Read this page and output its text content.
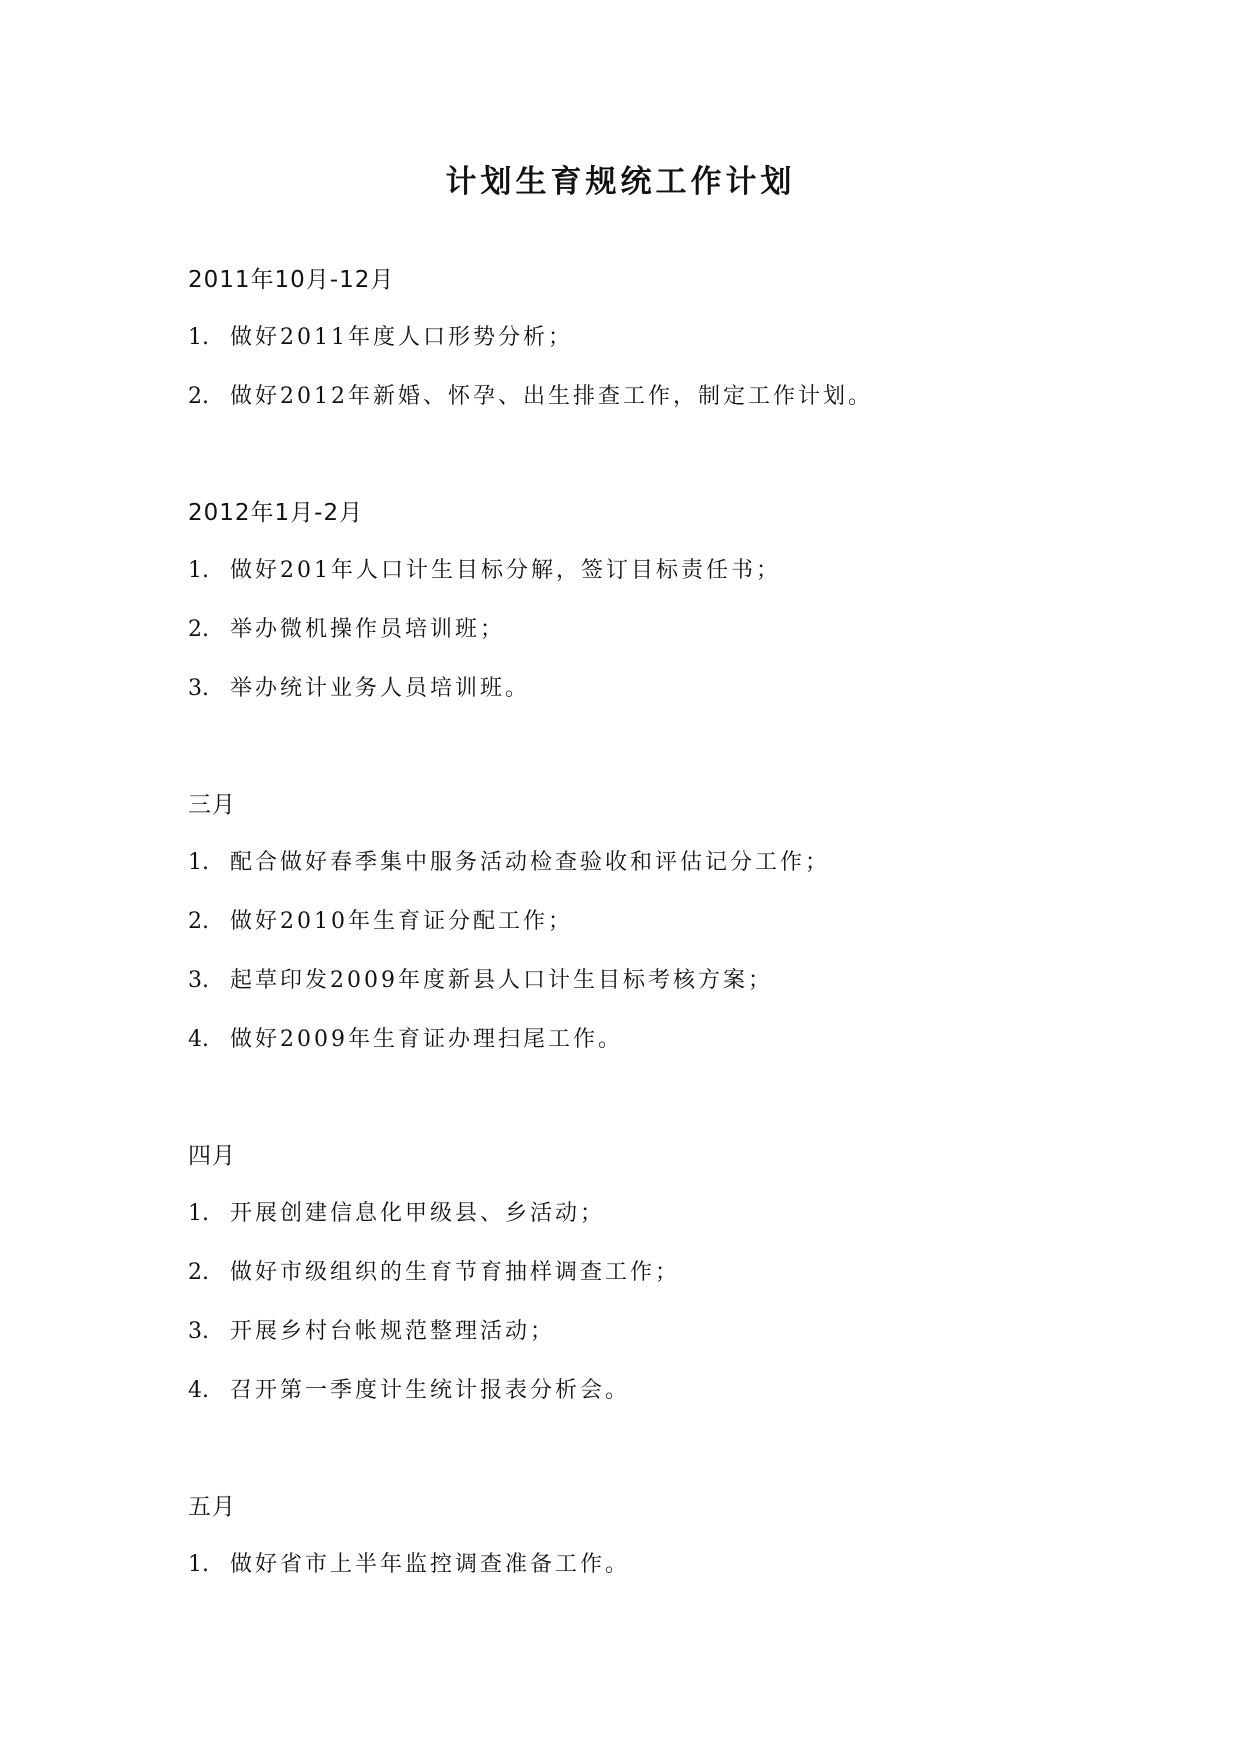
计划生育规统工作计划
2011年10月-12月
1. 做好2011年度人口形势分析；
2. 做好2012年新婚、怀孕、出生排查工作，制定工作计划。
2012年1月-2月
1. 做好201年人口计生目标分解，签订目标责任书；
2. 举办微机操作员培训班；
3. 举办统计业务人员培训班。
三月
1. 配合做好春季集中服务活动检查验收和评估记分工作；
2. 做好2010年生育证分配工作；
3. 起草印发2009年度新县人口计生目标考核方案；
4. 做好2009年生育证办理扫尾工作。
四月
1. 开展创建信息化甲级县、乡活动；
2. 做好市级组织的生育节育抽样调查工作；
3. 开展乡村台帐规范整理活动；
4. 召开第一季度计生统计报表分析会。
五月
1. 做好省市上半年监控调查准备工作。
